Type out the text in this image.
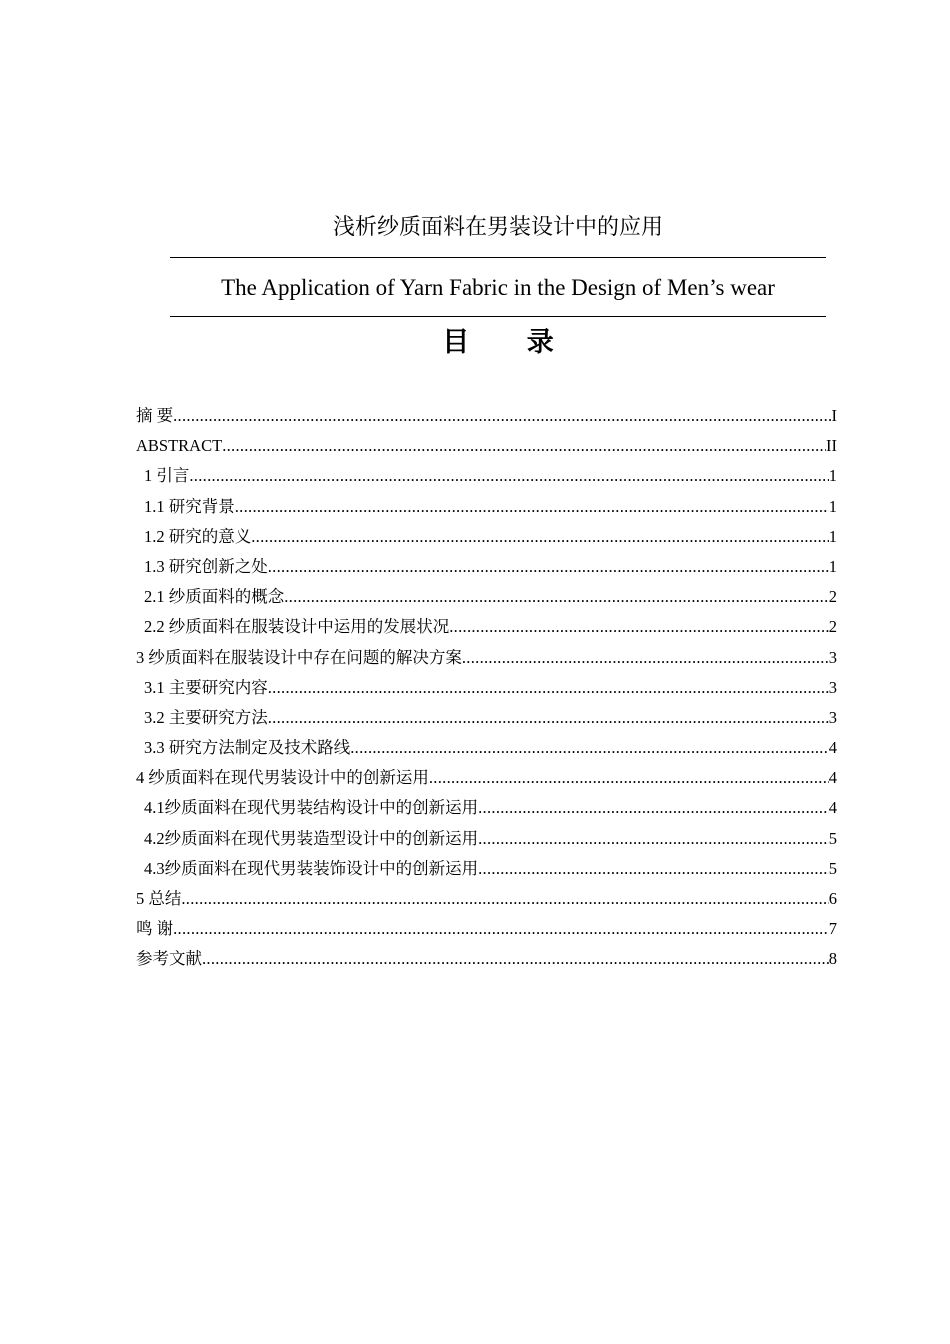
浅析纱质面料在男装设计中的应用
The Application of Yarn Fabric in the Design of Men’s wear
目 录
摘 要 .....	I
ABSTRACT .....	II
1 引言 .....	1
1.1 研究背景 .....	1
1.2 研究的意义 .....	1
1.3 研究创新之处 .....	1
2.1 纱质面料的概念 .....	2
2.2 纱质面料在服装设计中运用的发展状况 .....	2
3 纱质面料在服装设计中存在问题的解决方案 .....	3
3.1 主要研究内容 .....	3
3.2 主要研究方法 .....	3
3.3 研究方法制定及技术路线 .....	4
4 纱质面料在现代男装设计中的创新运用 .....	4
4.1纱质面料在现代男装结构设计中的创新运用 .....	4
4.2纱质面料在现代男装造型设计中的创新运用 .....	5
4.3纱质面料在现代男装装饰设计中的创新运用 .....	5
5 总结 .....	6
鸣 谢 .....	7
参考文献 .....	8
